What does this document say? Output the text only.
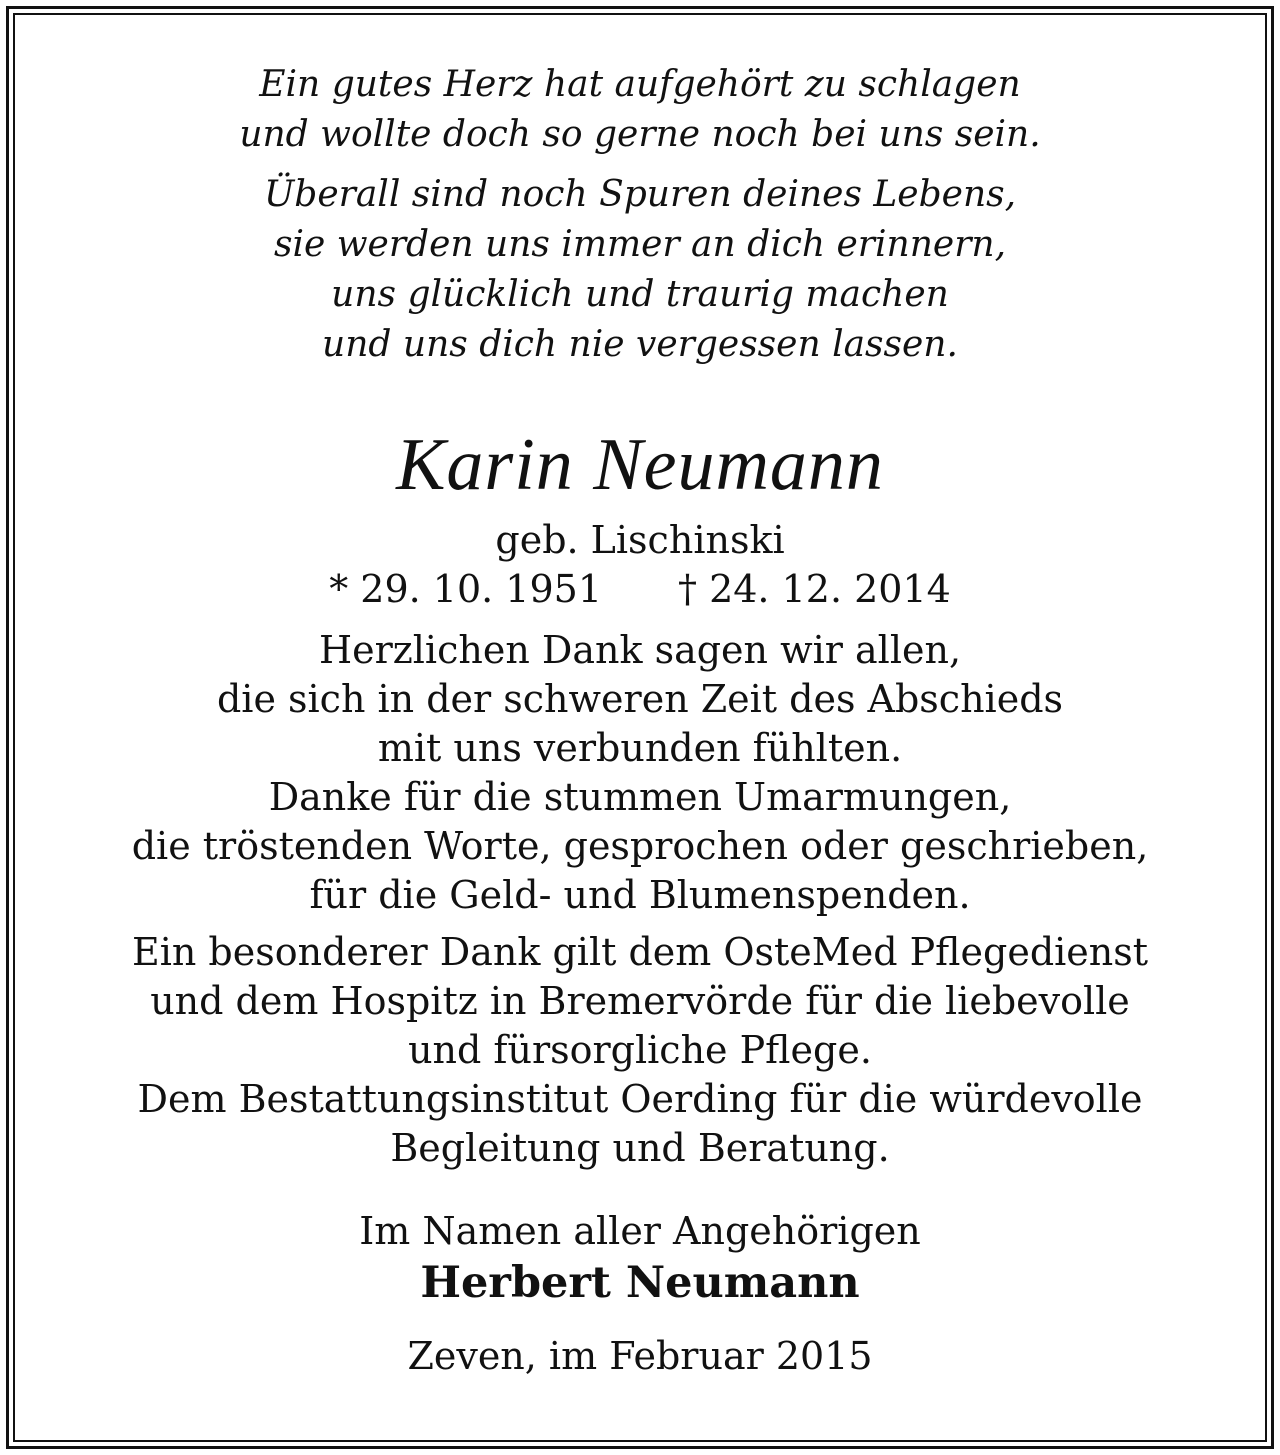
Ein gutes Herz hat aufgehört zu schlagen
und wollte doch so gerne noch bei uns sein.
Überall sind noch Spuren deines Lebens,
sie werden uns immer an dich erinnern,
uns glücklich und traurig machen
und uns dich nie vergessen lassen.
Karin Neumann
geb. Lischinski
* 29. 10. 1951 † 24. 12. 2014
Herzlichen Dank sagen wir allen,
die sich in der schweren Zeit des Abschieds
mit uns verbunden fühlten.
Danke für die stummen Umarmungen,
die tröstenden Worte, gesprochen oder geschrieben,
für die Geld- und Blumenspenden.
Ein besonderer Dank gilt dem OsteMed Pflegedienst
und dem Hospitz in Bremervörde für die liebevolle
und fürsorgliche Pflege.
Dem Bestattungsinstitut Oerding für die würdevolle
Begleitung und Beratung.
Im Namen aller Angehörigen
Herbert Neumann
Zeven, im Februar 2015
